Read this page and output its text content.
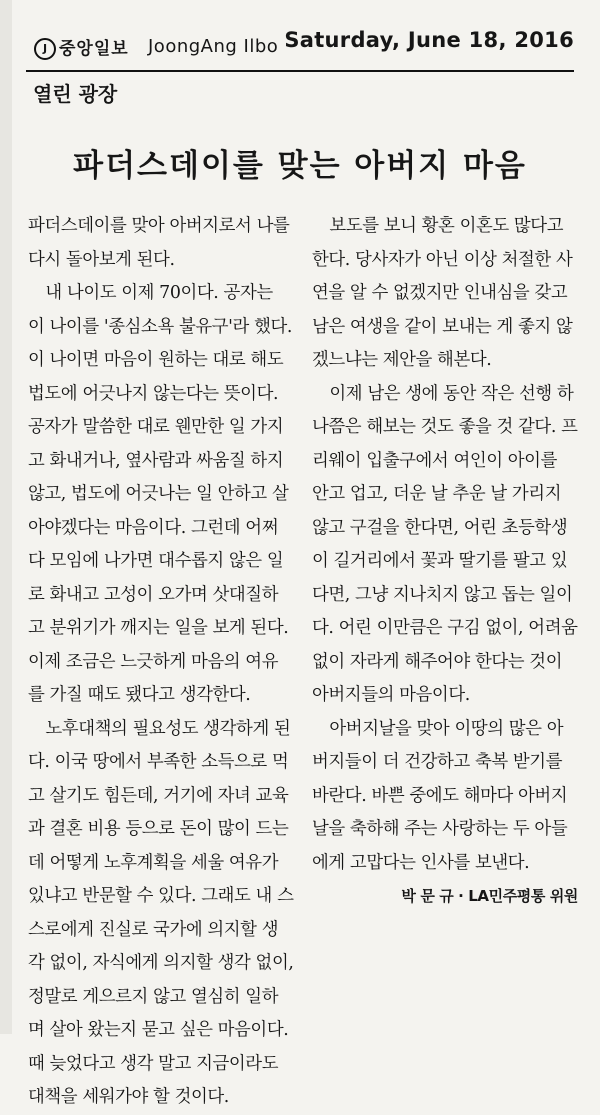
J 중앙일보 JoongAng Ilbo Saturday, June 18, 2016
열린 광장
파더스데이를 맞는 아버지 마음

파더스데이를 맞아 아버지로서 나를 다시 돌아보게 된다.

내 나이도 이제 70이다. 공자는 이 나이를 '종심소욕 불유구'라 했다. 이 나이면 마음이 원하는 대로 해도 법도에 어긋나지 않는다는 뜻이다. 공자가 말씀한 대로 웬만한 일 가지고 화내거나, 옆사람과 싸움질 하지 않고, 법도에 어긋나는 일 안하고 살아야겠다는 마음이다. 그런데 어쩌다 모임에 나가면 대수롭지 않은 일로 화내고 고성이 오가며 삿대질하고 분위기가 깨지는 일을 보게 된다. 이제 조금은 느긋하게 마음의 여유를 가질 때도 됐다고 생각한다.

노후대책의 필요성도 생각하게 된다. 이국 땅에서 부족한 소득으로 먹고 살기도 힘든데, 거기에 자녀 교육과 결혼 비용 등으로 돈이 많이 드는데 어떻게 노후계획을 세울 여유가 있냐고 반문할 수 있다. 그래도 내 스스로에게 진실로 국가에 의지할 생각 없이, 자식에게 의지할 생각 없이, 정말로 게으르지 않고 열심히 일하며 살아 왔는지 묻고 싶은 마음이다. 때 늦었다고 생각 말고 지금이라도 대책을 세워가야 할 것이다.

보도를 보니 황혼 이혼도 많다고 한다. 당사자가 아닌 이상 처절한 사연을 알 수 없겠지만 인내심을 갖고 남은 여생을 같이 보내는 게 좋지 않겠느냐는 제안을 해본다.

이제 남은 생에 동안 작은 선행 하나쯤은 해보는 것도 좋을 것 같다. 프리웨이 입출구에서 여인이 아이를 안고 업고, 더운 날 추운 날 가리지 않고 구걸을 한다면, 어린 초등학생이 길거리에서 꽃과 딸기를 팔고 있다면, 그냥 지나치지 않고 돕는 일이다. 어린 이만큼은 구김 없이, 어려움 없이 자라게 해주어야 한다는 것이 아버지들의 마음이다.

아버지날을 맞아 이땅의 많은 아버지들이 더 건강하고 축복 받기를 바란다. 바쁜 중에도 해마다 아버지날을 축하해 주는 사랑하는 두 아들에게 고맙다는 인사를 보낸다.

박 문 규 · LA민주평통 위원
